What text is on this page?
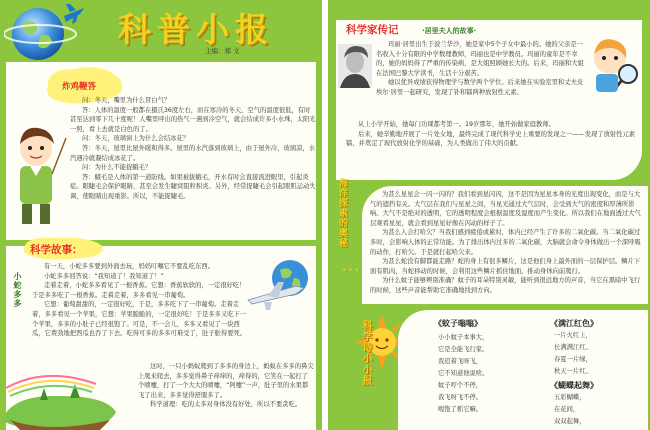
科普小报
主编：郑 文
炸鸡鞭答

问：冬天，嘴里为什么冒白气？

答：人体的温度一般都在摄氏36度左右，而在寒冷的冬天，空气的温度很低，有时甚至达到零下几十度呢！人嘴里呼出的热气一遇到冷空气，就会结成许多小水珠，太阳光一照，看上去就是白色的了。

问：冬天，玻璃窗上为什么会结冰花？

答：冬天，屋里比屋外暖和得多。屋里的水汽落到玻璃上，由于屋外冷，玻璃凉，水汽遇冷就凝结成冰花了。

问：为什么不能捉蛾毛？

答：蛾毛是人体的第一道防线。如果被拔蛾毛，开水有时会直接流进眼里，引起炎症。眼睫毛会保护眼睛，甚至会发生睫窝阻粒积炎。另外，经常捉睫毛会引起眼肌运动失调，使眼睛出现重影。所以，不能捉睫毛。

科学故事：
小蛇多多

有一天，小蛇多多要到外面去玩，妈妈叮嘱它不要乱吃东西。

小蛇多多回答说：“我知道了！我知道了！”

走着走着，小蛇多多看见了一根香蕉。它想：香蕉软软的，一定很好吃！于是多多吃了一根香蕉。走着走着，多多看见一串葡萄。

它想：葡萄甜甜的，一定很好吃，于是，多多吃下了一串葡萄。走着走着，多多看见一个苹果，它想：苹果脆脆的，一定很好吃！于是多多又吃下一个苹果，多多的小肚子已经很饱了。可是，不一会儿，多多又看见了一块西瓜，它费劲地把西瓜也吞了下去。吃得可多的多多可难受了，肚子胀得要死。

这时，一只小蚂蚁爬到了多多的身边上，蚂蚁在多多的鼻尖上爬来爬去，多多觉得鼻子痒痒的，痒得的，它笑在一起打了个喷嚏，打了一个大大的喷嚏，“阿嚏”一声，肚子里的水果都飞了出来，多多觉得舒服多了。

科学道理：吃的太多对身体没有好处，所以不要贪吃。

科学家传记	·居里夫人的故事·

玛丽·居里出生于波兰华沙，她是家中5个子女中最小的。她的父亲是一名收入十分有限的中学数理教师，玛丽也是中学教员。玛丽的童年是不幸的，她的妈妈得了严重的传染病，是大姐照顾她长大的。后来，玛丽和大姐在法国巴黎大学读书，生活十分艰苦。

她以优异成绩获得物理学与数学两个学位。后来她在实验室里和丈夫皮埃尔·居里一起研究，发现了钋和镭两种放射性元素。

从上小学开始，她每门功课都考第一。19岁那年，她开始做家庭教师。

后来，她辛勤地开展了一片处女地，最终完成了现代科学史上重要的发现之一——发现了放射性元素镭，并奠定了现代放射化学的基础，为人类做出了伟大的贡献。

海洋探索的奥秘
• • •

为甚么星星会一闪一闪的？我们看到星闪闪，这不是因为星星本身的光度出现变化，而是与大气的遮挡有关。大气层在我们与星星之间，当星光通过大气层时，会受到大气的密度和厚薄所影响。大气不是绝对的透明，它的透明程度会根据温度及湿度而产生变化。所以我们在地面透过大气层观看星星，就会看到星星好像在闪动的样子了。

为甚么人会打哈欠？当我们感到疲倦或累时，体内已经产生了许多的二氧化碳。当二氧化碳过多时，会影响人体的正常功能。为了排出体内过多的二氧化碳，大脑就会命令身体做出一个深呼吸的动作，打哈欠。于是就打起哈欠来。

为甚么蛇没有脚都能走路？蛇的身上有很多鳞片，这是他们身上最外面的一层保护层。鳞片下面有肌肉，当蛇移动的时候，会利用这些鳞片抓住地面，推动身体向前爬行。

为什么蚊子能够辨别准确？蚊子的耳朵特别灵敏，能听到很远地方的声音，当它在黑暗中飞行的时候，这些声音能帮助它准确地找到方向。

科学诗小小报	《蚊子嗡嗡》

小小蚊子本事大，

它是全能飞行家。

我追着飞呀飞，

它不知道他说啥。

蚊子哼个不停，

我飞呀飞不停。

喝饱了抓它嘛。

《满江红色》

一片火红上，

长满满江红。

春夏一片绿，

秋天一片红。

《蝴蝶起舞》

五彩蝴蝶，

在花间，

双双起舞，
